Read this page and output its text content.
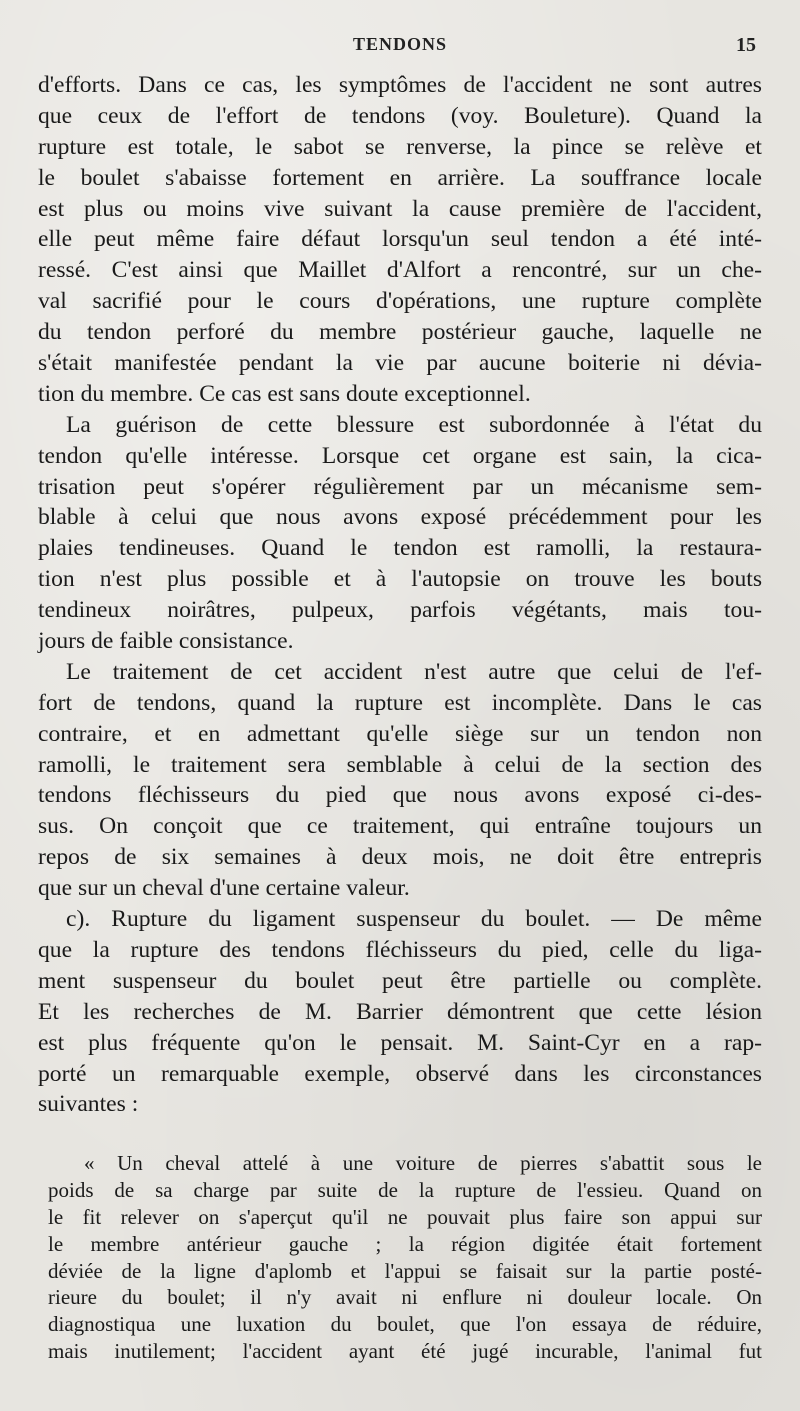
TENDONS	15
d'efforts. Dans ce cas, les symptômes de l'accident ne sont autres
que ceux de l'effort de tendons (voy. Bouleture). Quand la
rupture est totale, le sabot se renverse, la pince se relève et
le boulet s'abaisse fortement en arrière. La souffrance locale
est plus ou moins vive suivant la cause première de l'accident,
elle peut même faire défaut lorsqu'un seul tendon a été inté-
ressé. C'est ainsi que Maillet d'Alfort a rencontré, sur un che-
val sacrifié pour le cours d'opérations, une rupture complète
du tendon perforé du membre postérieur gauche, laquelle ne
s'était manifestée pendant la vie par aucune boiterie ni dévia-
tion du membre. Ce cas est sans doute exceptionnel.
La guérison de cette blessure est subordonnée à l'état du
tendon qu'elle intéresse. Lorsque cet organe est sain, la cica-
trisation peut s'opérer régulièrement par un mécanisme sem-
blable à celui que nous avons exposé précédemment pour les
plaies tendineuses. Quand le tendon est ramolli, la restaura-
tion n'est plus possible et à l'autopsie on trouve les bouts
tendineux noirâtres, pulpeux, parfois végétants, mais tou-
jours de faible consistance.
Le traitement de cet accident n'est autre que celui de l'ef-
fort de tendons, quand la rupture est incomplète. Dans le cas
contraire, et en admettant qu'elle siège sur un tendon non
ramolli, le traitement sera semblable à celui de la section des
tendons fléchisseurs du pied que nous avons exposé ci-des-
sus. On conçoit que ce traitement, qui entraîne toujours un
repos de six semaines à deux mois, ne doit être entrepris
que sur un cheval d'une certaine valeur.
c). Rupture du ligament suspenseur du boulet. — De même
que la rupture des tendons fléchisseurs du pied, celle du liga-
ment suspenseur du boulet peut être partielle ou complète.
Et les recherches de M. Barrier démontrent que cette lésion
est plus fréquente qu'on le pensait. M. Saint-Cyr en a rap-
porté un remarquable exemple, observé dans les circonstances
suivantes :
« Un cheval attelé à une voiture de pierres s'abattit sous le
poids de sa charge par suite de la rupture de l'essieu. Quand on
le fit relever on s'aperçut qu'il ne pouvait plus faire son appui sur
le membre antérieur gauche ; la région digitée était fortement
déviée de la ligne d'aplomb et l'appui se faisait sur la partie posté-
rieure du boulet; il n'y avait ni enflure ni douleur locale. On
diagnostiqua une luxation du boulet, que l'on essaya de réduire,
mais inutilement; l'accident ayant été jugé incurable, l'animal fut
